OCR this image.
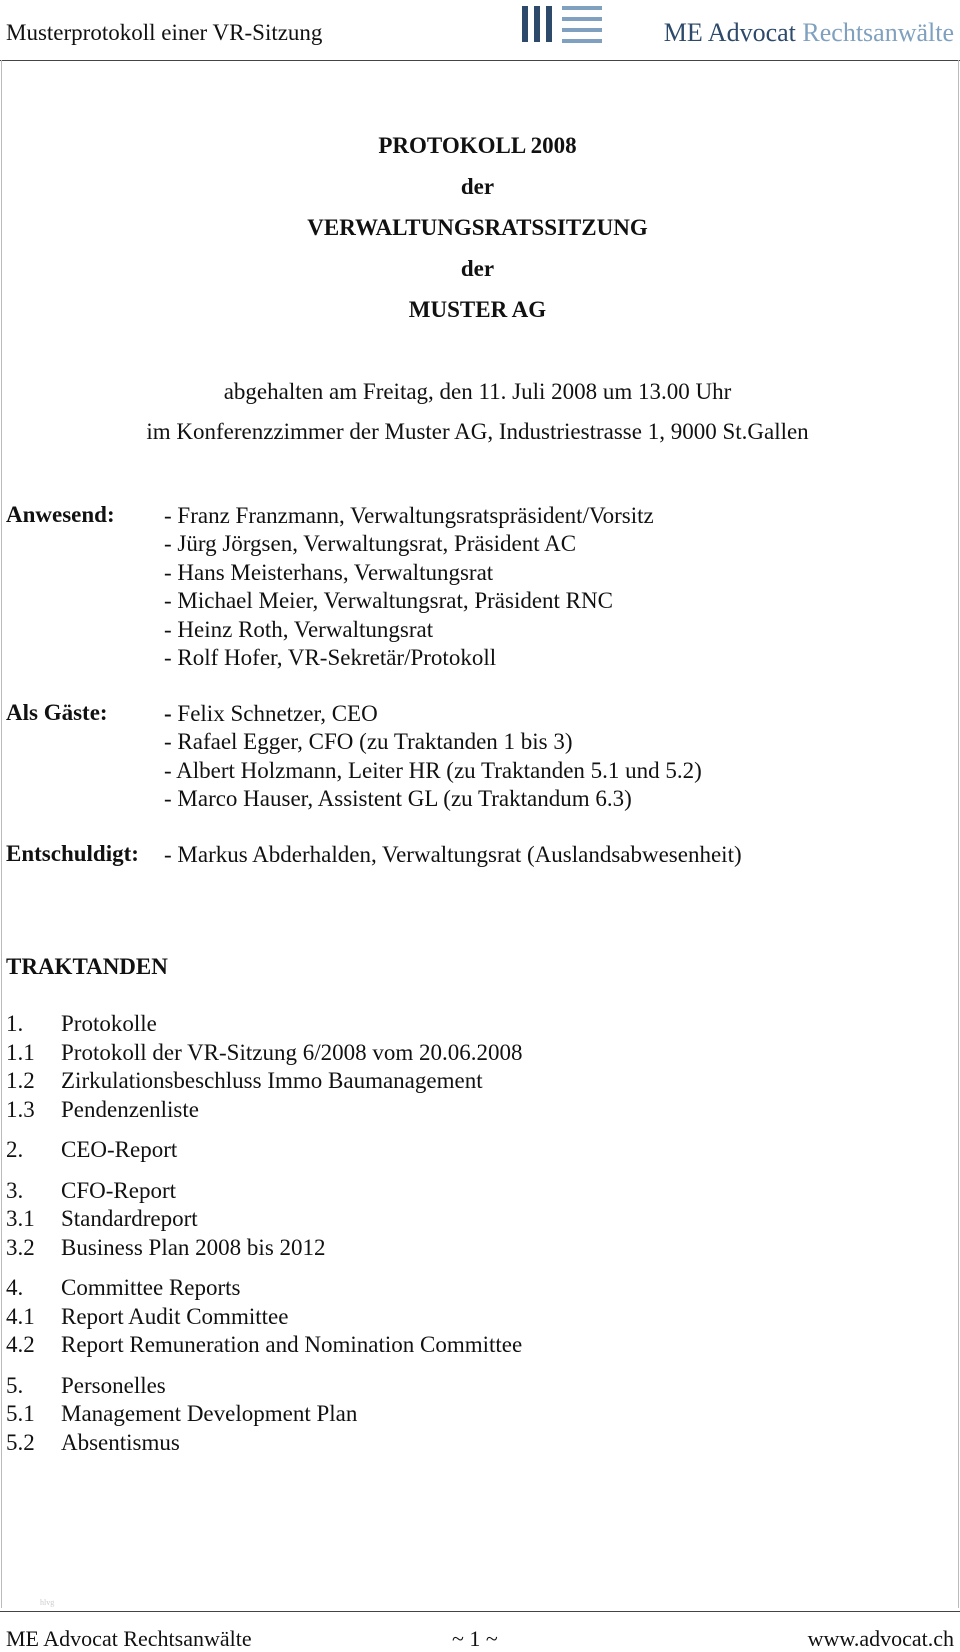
Musterprotokoll einer VR-Sitzung	ME Advocat Rechtsanwälte
PROTOKOLL 2008
der
VERWALTUNGSRATSSITZUNG
der
MUSTER AG
abgehalten am Freitag, den 11. Juli 2008 um 13.00 Uhr
im Konferenzzimmer der Muster AG, Industriestrasse 1, 9000 St.Gallen
Anwesend: - Franz Franzmann, Verwaltungsratspräsident/Vorsitz
- Jürg Jörgsen, Verwaltungsrat, Präsident AC
- Hans Meisterhans, Verwaltungsrat
- Michael Meier, Verwaltungsrat, Präsident RNC
- Heinz Roth, Verwaltungsrat
- Rolf Hofer, VR-Sekretär/Protokoll
Als Gäste: - Felix Schnetzer, CEO
- Rafael Egger, CFO (zu Traktanden 1 bis 3)
- Albert Holzmann, Leiter HR (zu Traktanden 5.1 und 5.2)
- Marco Hauser, Assistent GL (zu Traktandum 6.3)
Entschuldigt: - Markus Abderhalden, Verwaltungsrat (Auslandsabwesenheit)
TRAKTANDEN
1. Protokolle
1.1 Protokoll der VR-Sitzung 6/2008 vom 20.06.2008
1.2 Zirkulationsbeschluss Immo Baumanagement
1.3 Pendenzenliste
2. CEO-Report
3. CFO-Report
3.1 Standardreport
3.2 Business Plan 2008 bis 2012
4. Committee Reports
4.1 Report Audit Committee
4.2 Report Remuneration and Nomination Committee
5. Personelles
5.1 Management Development Plan
5.2 Absentismus
hlvg
ME Advocat Rechtsanwälte	~ 1 ~	www.advocat.ch
